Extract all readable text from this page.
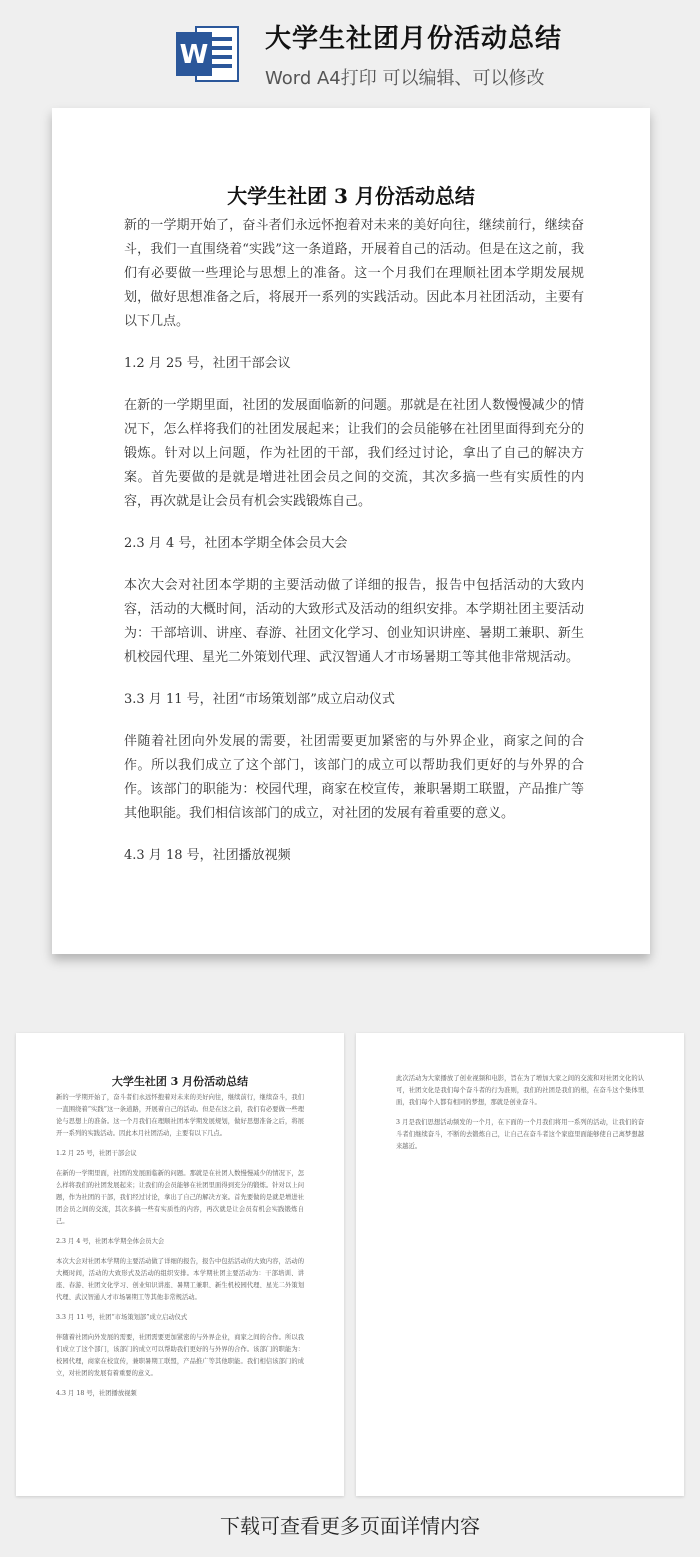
W
大学生社团月份活动总结
Word A4打印 可以编辑、可以修改
大学生社团 3 月份活动总结

新的一学期开始了，奋斗者们永远怀抱着对未来的美好向往，继续前行，继续奋斗，我们一直围绕着“实践”这一条道路，开展着自己的活动。但是在这之前，我们有必要做一些理论与思想上的准备。这一个月我们在理顺社团本学期发展规划，做好思想准备之后，将展开一系列的实践活动。因此本月社团活动，主要有以下几点。

1.2 月 25 号，社团干部会议

在新的一学期里面，社团的发展面临新的问题。那就是在社团人数慢慢减少的情况下，怎么样将我们的社团发展起来；让我们的会员能够在社团里面得到充分的锻炼。针对以上问题，作为社团的干部，我们经过讨论，拿出了自己的解决方案。首先要做的是就是增进社团会员之间的交流，其次多搞一些有实质性的内容，再次就是让会员有机会实践锻炼自己。

2.3 月 4 号，社团本学期全体会员大会

本次大会对社团本学期的主要活动做了详细的报告，报告中包括活动的大致内容，活动的大概时间，活动的大致形式及活动的组织安排。本学期社团主要活动为：干部培训、讲座、春游、社团文化学习、创业知识讲座、暑期工兼职、新生机校园代理、星光二外策划代理、武汉智通人才市场暑期工等其他非常规活动。

3.3 月 11 号，社团“市场策划部”成立启动仪式

伴随着社团向外发展的需要，社团需要更加紧密的与外界企业，商家之间的合作。所以我们成立了这个部门，该部门的成立可以帮助我们更好的与外界的合作。该部门的职能为：校园代理，商家在校宣传，兼职暑期工联盟，产品推广等其他职能。我们相信该部门的成立，对社团的发展有着重要的意义。

4.3 月 18 号，社团播放视频

大学生社团 3 月份活动总结

新的一学期开始了，奋斗者们永远怀抱着对未来的美好向往，继续前行，继续奋斗，我们一直围绕着“实践”这一条道路，开展着自己的活动。但是在这之前，我们有必要做一些理论与思想上的准备。这一个月我们在理顺社团本学期发展规划，做好思想准备之后，将展开一系列的实践活动。因此本月社团活动，主要有以下几点。

1.2 月 25 号，社团干部会议

在新的一学期里面，社团的发展面临新的问题。那就是在社团人数慢慢减少的情况下，怎么样将我们的社团发展起来；让我们的会员能够在社团里面得到充分的锻炼。针对以上问题，作为社团的干部，我们经过讨论，拿出了自己的解决方案。首先要做的是就是增进社团会员之间的交流，其次多搞一些有实质性的内容，再次就是让会员有机会实践锻炼自己。

2.3 月 4 号，社团本学期全体会员大会

本次大会对社团本学期的主要活动做了详细的报告，报告中包括活动的大致内容，活动的大概时间，活动的大致形式及活动的组织安排。本学期社团主要活动为：干部培训、讲座、春游、社团文化学习、创业知识讲座、暑期工兼职、新生机校园代理、星光二外策划代理、武汉智通人才市场暑期工等其他非常规活动。

3.3 月 11 号，社团“市场策划部”成立启动仪式

伴随着社团向外发展的需要，社团需要更加紧密的与外界企业，商家之间的合作。所以我们成立了这个部门，该部门的成立可以帮助我们更好的与外界的合作。该部门的职能为：校园代理，商家在校宣传，兼职暑期工联盟，产品推广等其他职能。我们相信该部门的成立，对社团的发展有着重要的意义。

4.3 月 18 号，社团播放视频

此次活动为大家播放了创业视频和电影，旨在为了增加大家之间的交流和对社团文化的认可，社团文化是我们每个奋斗者的行为准则，我们的社团是我们的根，在奋斗这个集体里面，我们每个人都有相同的梦想，那就是创业奋斗。

3 月是我们思想活动频发的一个月，在下面的一个月我们将用一系列的活动，让我们的奋斗者们继续奋斗，不断的去锻炼自己，让自己在奋斗者这个家庭里面能够使自己离梦想越来越近。

下载可查看更多页面详情内容
